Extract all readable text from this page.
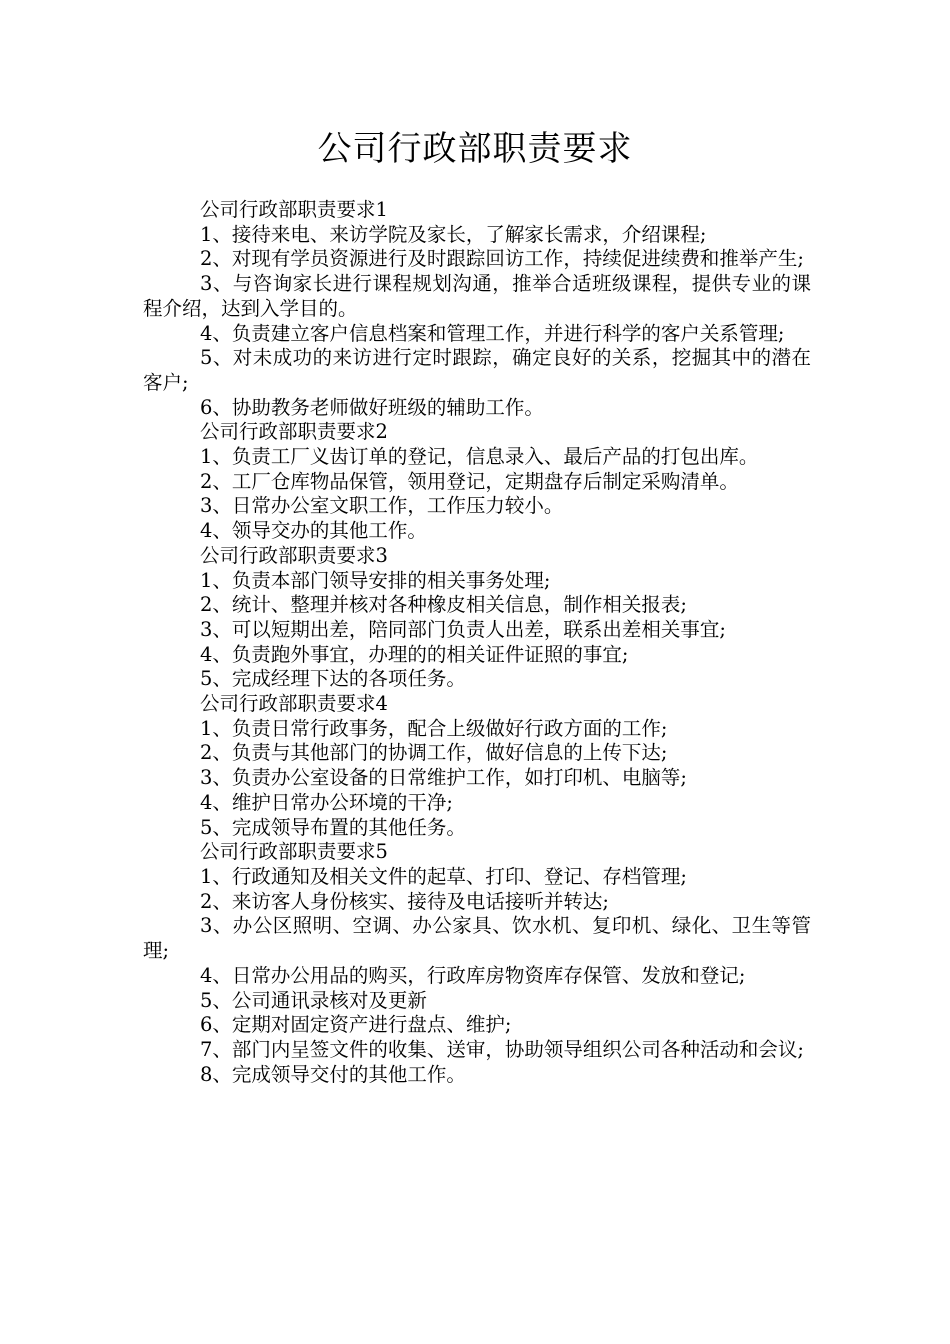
公司行政部职责要求

公司行政部职责要求1

1、接待来电、来访学院及家长，了解家长需求，介绍课程;

2、对现有学员资源进行及时跟踪回访工作，持续促进续费和推举产生;

3、与咨询家长进行课程规划沟通，推举合适班级课程，提供专业的课程介绍，达到入学目的。

4、负责建立客户信息档案和管理工作，并进行科学的客户关系管理;

5、对未成功的来访进行定时跟踪，确定良好的关系，挖掘其中的潜在客户;

6、协助教务老师做好班级的辅助工作。

公司行政部职责要求2

1、负责工厂义齿订单的登记，信息录入、最后产品的打包出库。

2、工厂仓库物品保管，领用登记，定期盘存后制定采购清单。

3、日常办公室文职工作，工作压力较小。

4、领导交办的其他工作。

公司行政部职责要求3

1、负责本部门领导安排的相关事务处理;

2、统计、整理并核对各种橡皮相关信息，制作相关报表;

3、可以短期出差，陪同部门负责人出差，联系出差相关事宜;

4、负责跑外事宜，办理的的相关证件证照的事宜;

5、完成经理下达的各项任务。

公司行政部职责要求4

1、负责日常行政事务，配合上级做好行政方面的工作;

2、负责与其他部门的协调工作，做好信息的上传下达;

3、负责办公室设备的日常维护工作，如打印机、电脑等;

4、维护日常办公环境的干净;

5、完成领导布置的其他任务。

公司行政部职责要求5

1、行政通知及相关文件的起草、打印、登记、存档管理;

2、来访客人身份核实、接待及电话接听并转达;

3、办公区照明、空调、办公家具、饮水机、复印机、绿化、卫生等管理;

4、日常办公用品的购买，行政库房物资库存保管、发放和登记;

5、公司通讯录核对及更新

6、定期对固定资产进行盘点、维护;

7、部门内呈签文件的收集、送审，协助领导组织公司各种活动和会议;

8、完成领导交付的其他工作。
